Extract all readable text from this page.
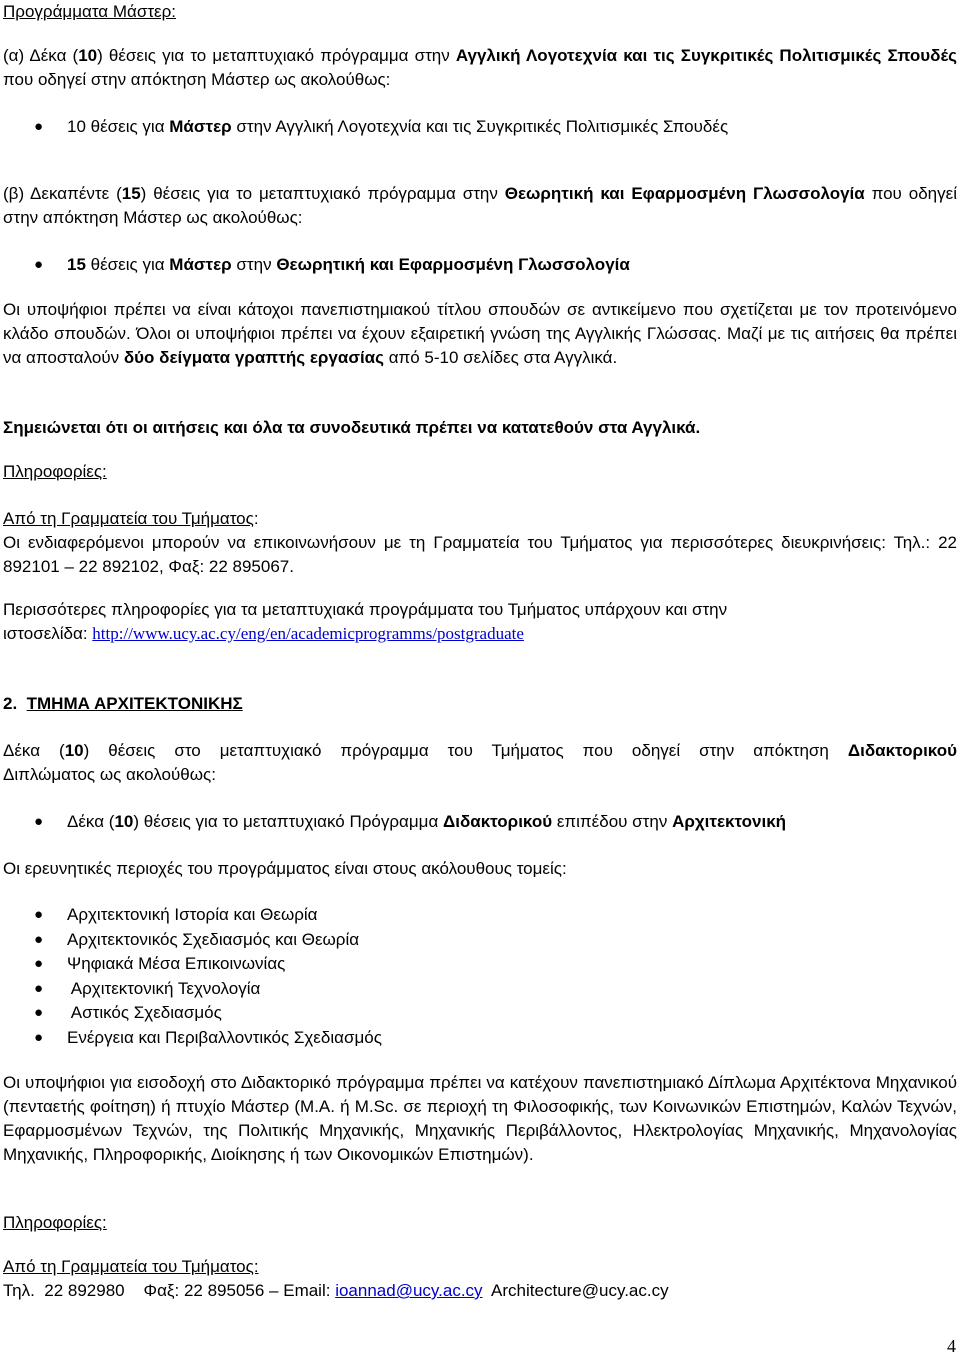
Προγράμματα Μάστερ:
(α) Δέκα (10) θέσεις για το μεταπτυχιακό πρόγραμμα στην Αγγλική Λογοτεχνία και τις Συγκριτικές Πολιτισμικές Σπουδές που οδηγεί στην απόκτηση Μάστερ ως ακολούθως:
● 10 θέσεις για Μάστερ στην Αγγλική Λογοτεχνία και τις Συγκριτικές Πολιτισμικές Σπουδές
(β) Δεκαπέντε (15) θέσεις για το μεταπτυχιακό πρόγραμμα στην Θεωρητική και Εφαρμοσμένη Γλωσσολογία που οδηγεί στην απόκτηση Μάστερ ως ακολούθως:
● 15 θέσεις για Μάστερ στην Θεωρητική και Εφαρμοσμένη Γλωσσολογία
Οι υποψήφιοι πρέπει να είναι κάτοχοι πανεπιστημιακού τίτλου σπουδών σε αντικείμενο που σχετίζεται με τον προτεινόμενο κλάδο σπουδών. Όλοι οι υποψήφιοι πρέπει να έχουν εξαιρετική γνώση της Αγγλικής Γλώσσας. Μαζί με τις αιτήσεις θα πρέπει να αποσταλούν δύο δείγματα γραπτής εργασίας από 5-10 σελίδες στα Αγγλικά.
Σημειώνεται ότι οι αιτήσεις και όλα τα συνοδευτικά πρέπει να κατατεθούν στα Αγγλικά.
Πληροφορίες:
Από τη Γραμματεία του Τμήματος:
Οι ενδιαφερόμενοι μπορούν να επικοινωνήσουν με τη Γραμματεία του Τμήματος για περισσότερες διευκρινήσεις: Τηλ.: 22 892101 – 22 892102, Φαξ: 22 895067.
Περισσότερες πληροφορίες για τα μεταπτυχιακά προγράμματα του Τμήματος υπάρχουν και στην
ιστοσελίδα: http://www.ucy.ac.cy/eng/en/academicprogramms/postgraduate
2. ΤΜΗΜΑ ΑΡΧΙΤΕΚΤΟΝΙΚΗΣ
Δέκα (10) θέσεις στο μεταπτυχιακό πρόγραμμα του Τμήματος που οδηγεί στην απόκτηση Διδακτορικού
Διπλώματος ως ακολούθως:
● Δέκα (10) θέσεις για το μεταπτυχιακό Πρόγραμμα Διδακτορικού επιπέδου στην Αρχιτεκτονική
Οι ερευνητικές περιοχές του προγράμματος είναι στους ακόλουθους τομείς:
● Αρχιτεκτονική Ιστορία και Θεωρία
● Αρχιτεκτονικός Σχεδιασμός και Θεωρία
● Ψηφιακά Μέσα Επικοινωνίας
● Αρχιτεκτονική Τεχνολογία
● Αστικός Σχεδιασμός
● Ενέργεια και Περιβαλλοντικός Σχεδιασμός
Οι υποψήφιοι για εισοδοχή στο Διδακτορικό πρόγραμμα πρέπει να κατέχουν πανεπιστημιακό Δίπλωμα Αρχιτέκτονα Μηχανικού (πενταετής φοίτηση) ή πτυχίο Μάστερ (Μ.Α. ή M.Sc. σε περιοχή τη Φιλοσοφικής, των Κοινωνικών Επιστημών, Καλών Τεχνών, Εφαρμοσμένων Τεχνών, της Πολιτικής Μηχανικής, Μηχανικής Περιβάλλοντος, Ηλεκτρολογίας Μηχανικής, Μηχανολογίας Μηχανικής, Πληροφορικής, Διοίκησης ή των Οικονομικών Επιστημών).
Πληροφορίες:
Από τη Γραμματεία του Τμήματος:
Τηλ.  22 892980    Φαξ: 22 895056 – Email: ioannad@ucy.ac.cy  Architecture@ucy.ac.cy
4
